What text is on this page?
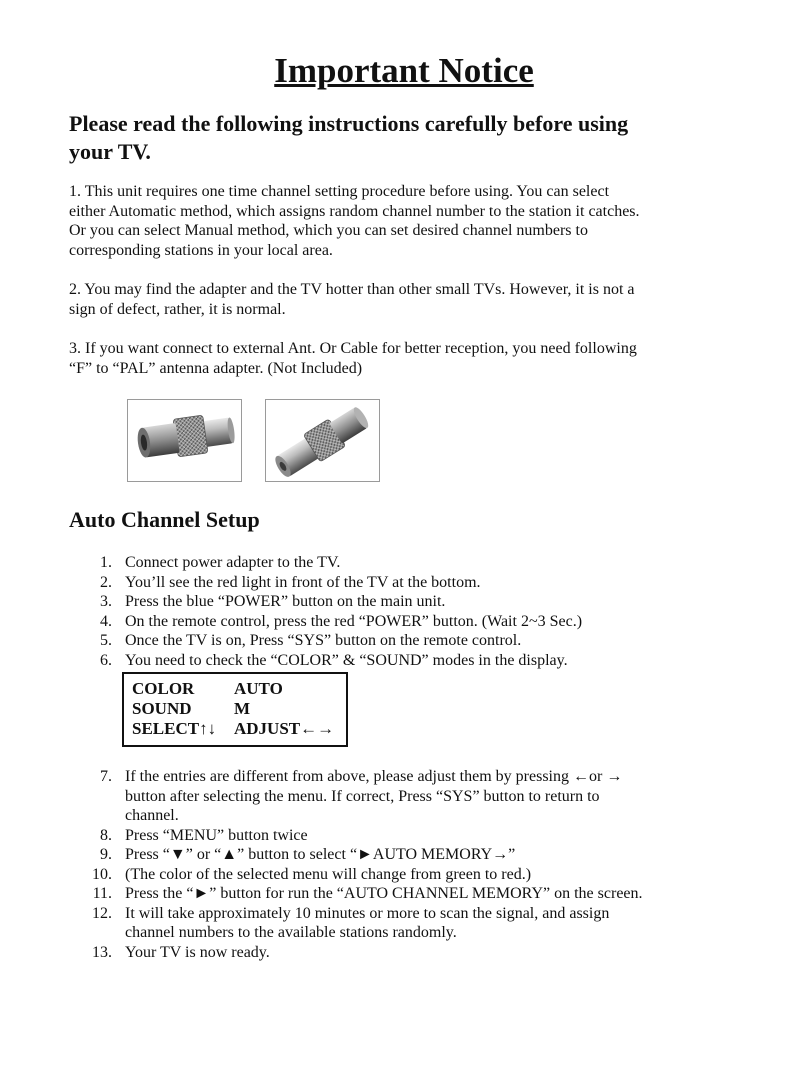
Important Notice
Please read the following instructions carefully before using
your TV.
1. This unit requires one time channel setting procedure before using. You can select
either Automatic method, which assigns random channel number to the station it catches.
Or you can select Manual method, which you can set desired channel numbers to
corresponding stations in your local area.
2. You may find the adapter and the TV hotter than other small TVs. However, it is not a
sign of defect, rather, it is normal.
3. If you want connect to external Ant. Or Cable for better reception, you need following
“F” to “PAL” antenna adapter. (Not Included)
Auto Channel Setup
1 . Connect power adapter to the TV.
2 . You’ll see the red light in front of the TV at the bottom.
3 . Press the blue “POWER” button on the main unit.
4 . On the remote control, press the red “POWER” button. (Wait 2~3 Sec.)
5 . Once the TV is on, Press “SYS” button on the remote control.
6 . You need to check the “COLOR” & “SOUND” modes in the display.
COLOR AUTO
SOUND M
SELECT↑↓ ADJUST←→
7 . If the entries are different from above, please adjust them by pressing ←or →
button after selecting the menu. If correct, Press “SYS” button to return to
channel.
8 . Press “MENU” button twice
9 . Press “▼” or “▲” button to select “►AUTO MEMORY→”
10 . (The color of the selected menu will change from green to red.)
11 . Press the “►” button for run the “AUTO CHANNEL MEMORY” on the screen.
12 . It will take approximately 10 minutes or more to scan the signal, and assign
channel numbers to the available stations randomly.
13 . Your TV is now ready.
